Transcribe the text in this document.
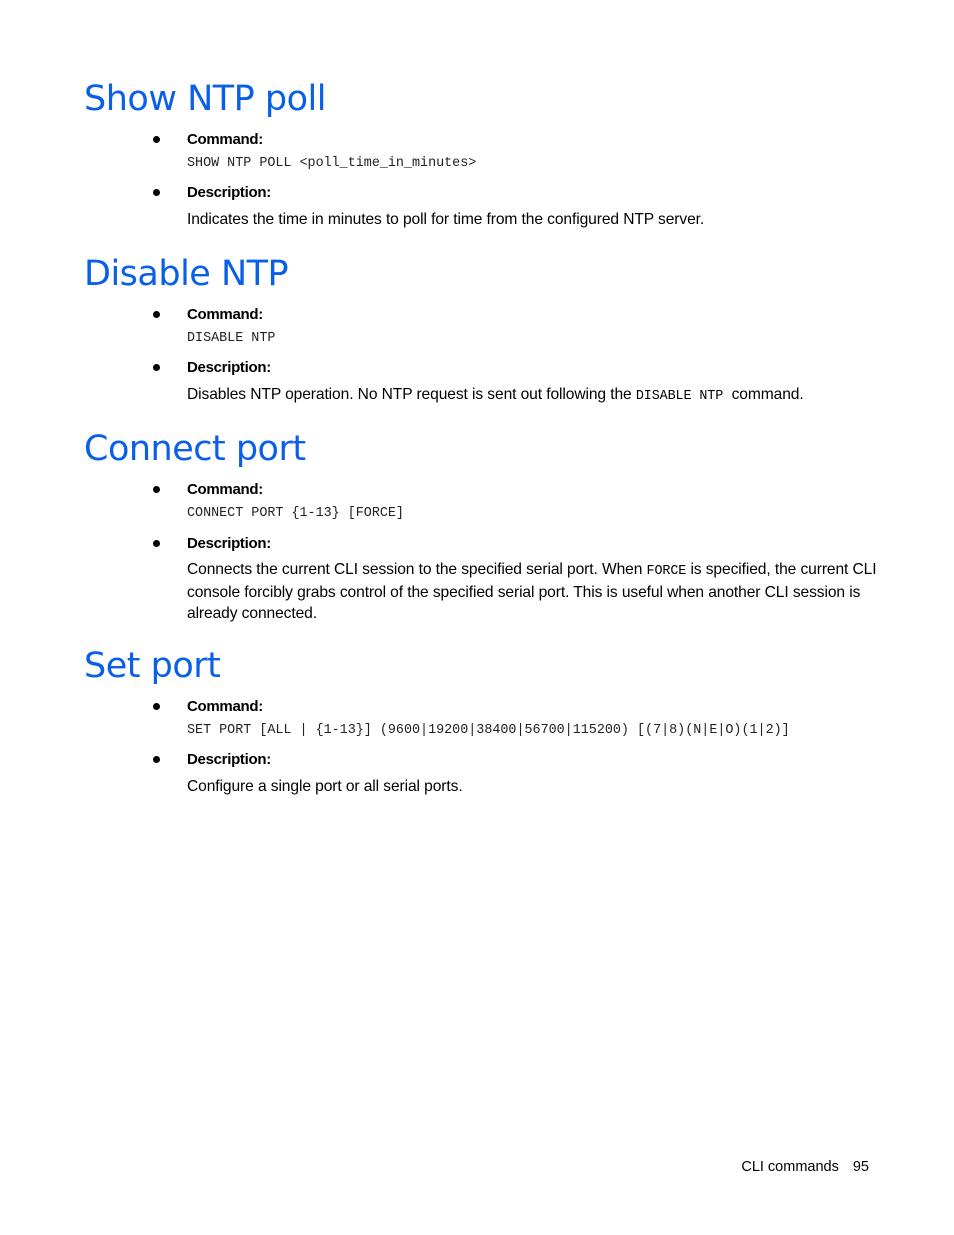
Show NTP poll

Command:

SHOW NTP POLL <poll_time_in_minutes>

Description:

Indicates the time in minutes to poll for time from the configured NTP server.

Disable NTP

Command:

DISABLE NTP

Description:

Disables NTP operation. No NTP request is sent out following the DISABLE NTP command.

Connect port

Command:

CONNECT PORT {1-13} [FORCE]

Description:

Connects the current CLI session to the specified serial port. When FORCE is specified, the current CLI console forcibly grabs control of the specified serial port. This is useful when another CLI session is already connected.

Set port

Command:

SET PORT [ALL | {1-13}] (9600|19200|38400|56700|115200) [(7|8)(N|E|O)(1|2)]

Description:

Configure a single port or all serial ports.

CLI commands 95
